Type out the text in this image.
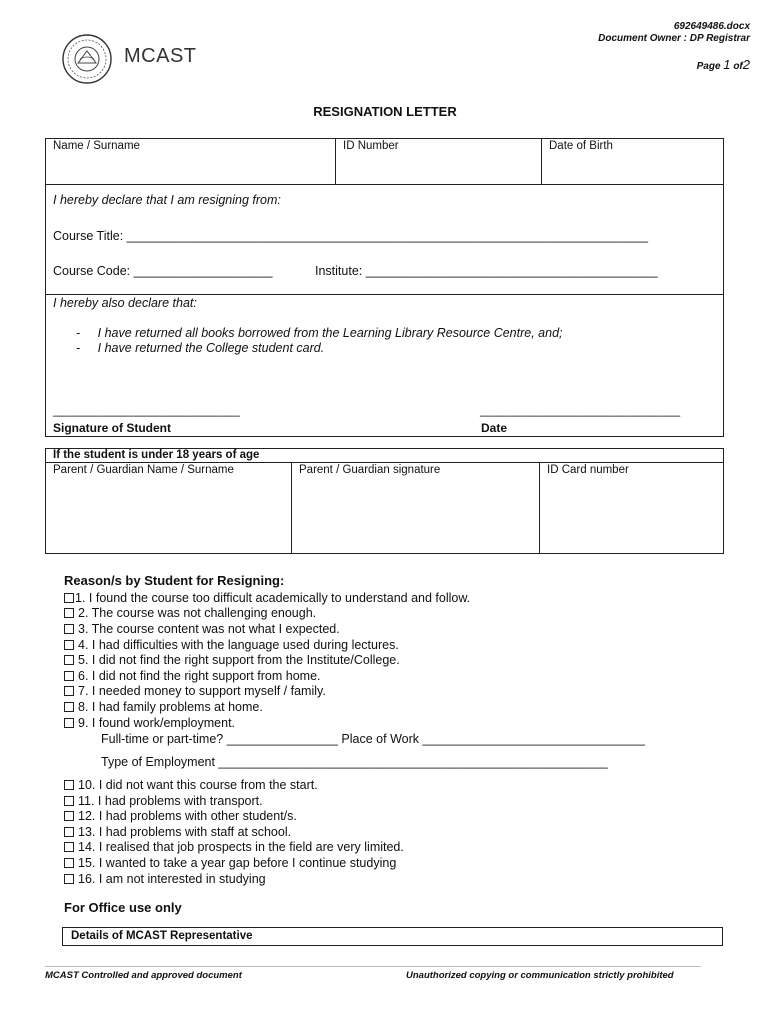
MCAST
692649486.docx
Document Owner : DP Registrar
Page 1 of2
RESIGNATION LETTER
Name / Surname	ID Number	Date of Birth
I hereby declare that I am resigning from:
Course Title: ___________________________________________________________________________
Course Code: ____________________	Institute: __________________________________________
I hereby also declare that:
- I have returned all books borrowed from the Learning Library Resource Centre, and;
- I have returned the College student card.
____________________________	______________________________
Signature of Student	Date
If the student is under 18 years of age
Parent / Guardian Name / Surname	Parent / Guardian signature	ID Card number
Reason/s by Student for Resigning:
1. I found the course too difficult academically to understand and follow.
2. The course was not challenging enough.
3. The course content was not what I expected.
4. I had difficulties with the language used during lectures.
5. I did not find the right support from the Institute/College.
6. I did not find the right support from home.
7. I needed money to support myself / family.
8. I had family problems at home.
9. I found work/employment.
Full-time or part-time? ________________ Place of Work ________________________________
Type of Employment ________________________________________________________
10. I did not want this course from the start.
11. I had problems with transport.
12. I had problems with other student/s.
13. I had problems with staff at school.
14. I realised that job prospects in the field are very limited.
15. I wanted to take a year gap before I continue studying
16. I am not interested in studying
For Office use only
Details of MCAST Representative
MCAST Controlled and approved document	Unauthorized copying or communication strictly prohibited
